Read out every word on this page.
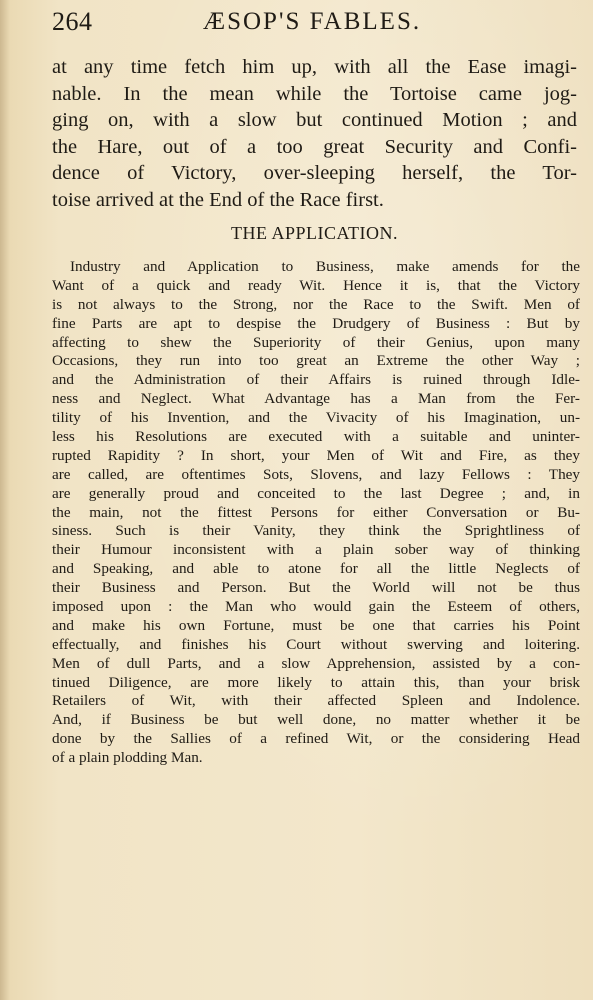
264	ÆSOP'S FABLES.
at any time fetch him up, with all the Ease imagi-
nable. In the mean while the Tortoise came jog-
ging on, with a slow but continued Motion ; and
the Hare, out of a too great Security and Confi-
dence of Victory, over-sleeping herself, the Tor-
toise arrived at the End of the Race first.
THE APPLICATION.
Industry and Application to Business, make amends for the
Want of a quick and ready Wit. Hence it is, that the Victory
is not always to the Strong, nor the Race to the Swift. Men of
fine Parts are apt to despise the Drudgery of Business : But by
affecting to shew the Superiority of their Genius, upon many
Occasions, they run into too great an Extreme the other Way ;
and the Administration of their Affairs is ruined through Idle-
ness and Neglect. What Advantage has a Man from the Fer-
tility of his Invention, and the Vivacity of his Imagination, un-
less his Resolutions are executed with a suitable and uninter-
rupted Rapidity ? In short, your Men of Wit and Fire, as they
are called, are oftentimes Sots, Slovens, and lazy Fellows : They
are generally proud and conceited to the last Degree ; and, in
the main, not the fittest Persons for either Conversation or Bu-
siness. Such is their Vanity, they think the Sprightliness of
their Humour inconsistent with a plain sober way of thinking
and Speaking, and able to atone for all the little Neglects of
their Business and Person. But the World will not be thus
imposed upon : the Man who would gain the Esteem of others,
and make his own Fortune, must be one that carries his Point
effectually, and finishes his Court without swerving and loitering.
Men of dull Parts, and a slow Apprehension, assisted by a con-
tinued Diligence, are more likely to attain this, than your brisk
Retailers of Wit, with their affected Spleen and Indolence.
And, if Business be but well done, no matter whether it be
done by the Sallies of a refined Wit, or the considering Head
of a plain plodding Man.
